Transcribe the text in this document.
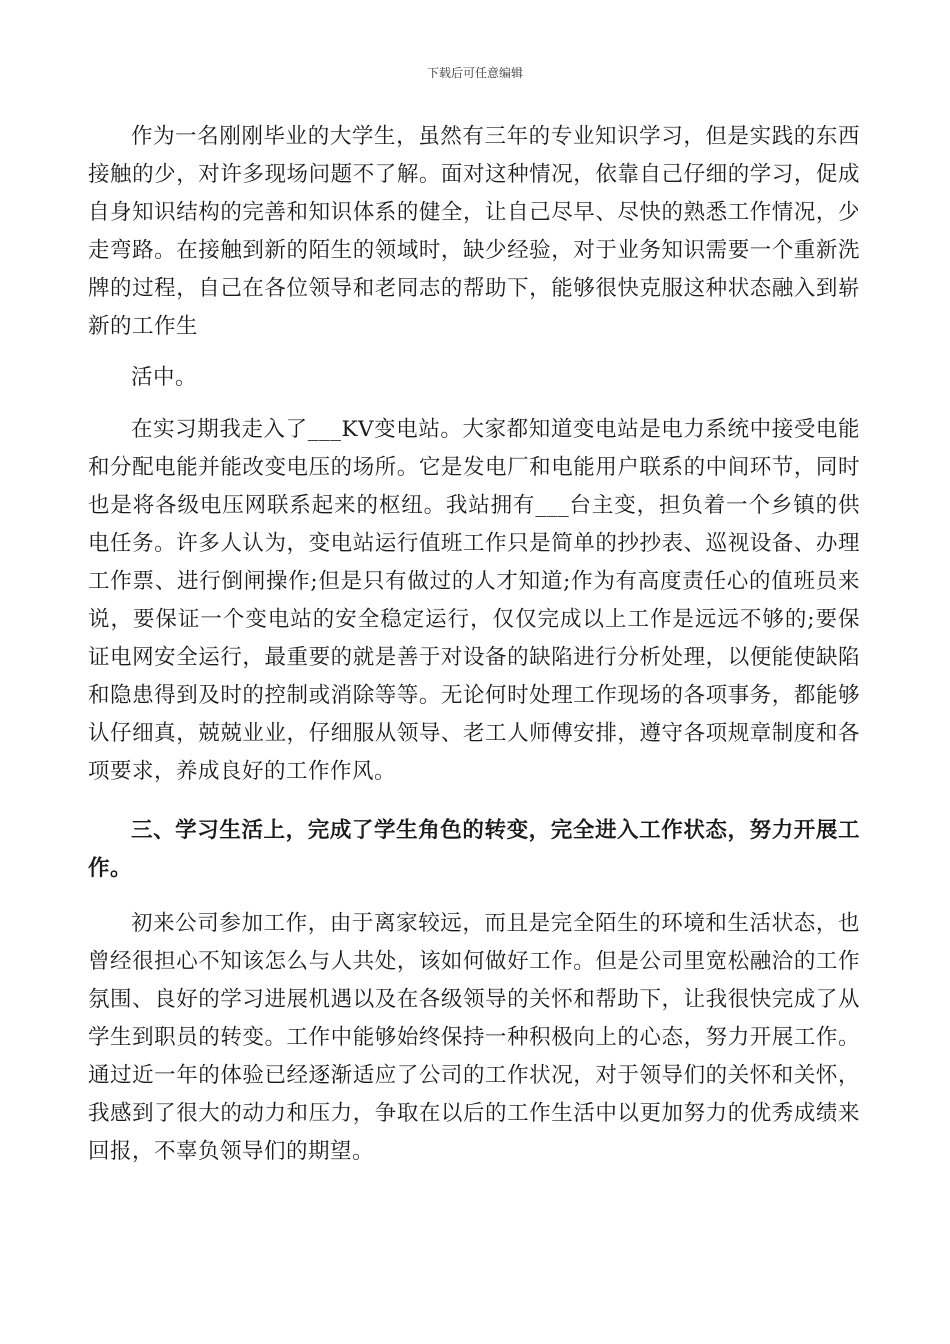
下载后可任意编辑

作为一名刚刚毕业的大学生，虽然有三年的专业知识学习，但是实践的东西接触的少，对许多现场问题不了解。面对这种情况，依靠自己仔细的学习，促成自身知识结构的完善和知识体系的健全，让自己尽早、尽快的熟悉工作情况，少走弯路。在接触到新的陌生的领域时，缺少经验，对于业务知识需要一个重新洗牌的过程，自己在各位领导和老同志的帮助下，能够很快克服这种状态融入到崭新的工作生

活中。

在实习期我走入了___KV变电站。大家都知道变电站是电力系统中接受电能和分配电能并能改变电压的场所。它是发电厂和电能用户联系的中间环节，同时也是将各级电压网联系起来的枢纽。我站拥有___台主变，担负着一个乡镇的供电任务。许多人认为，变电站运行值班工作只是简单的抄抄表、巡视设备、办理工作票、进行倒闸操作;但是只有做过的人才知道;作为有高度责任心的值班员来说，要保证一个变电站的安全稳定运行，仅仅完成以上工作是远远不够的;要保证电网安全运行，最重要的就是善于对设备的缺陷进行分析处理，以便能使缺陷和隐患得到及时的控制或消除等等。无论何时处理工作现场的各项事务，都能够认仔细真，兢兢业业，仔细服从领导、老工人师傅安排，遵守各项规章制度和各项要求，养成良好的工作作风。

三、学习生活上，完成了学生角色的转变，完全进入工作状态，努力开展工作。

初来公司参加工作，由于离家较远，而且是完全陌生的环境和生活状态，也曾经很担心不知该怎么与人共处，该如何做好工作。但是公司里宽松融洽的工作氛围、良好的学习进展机遇以及在各级领导的关怀和帮助下，让我很快完成了从学生到职员的转变。工作中能够始终保持一种积极向上的心态，努力开展工作。通过近一年的体验已经逐渐适应了公司的工作状况，对于领导们的关怀和关怀，我感到了很大的动力和压力，争取在以后的工作生活中以更加努力的优秀成绩来回报，不辜负领导们的期望。
